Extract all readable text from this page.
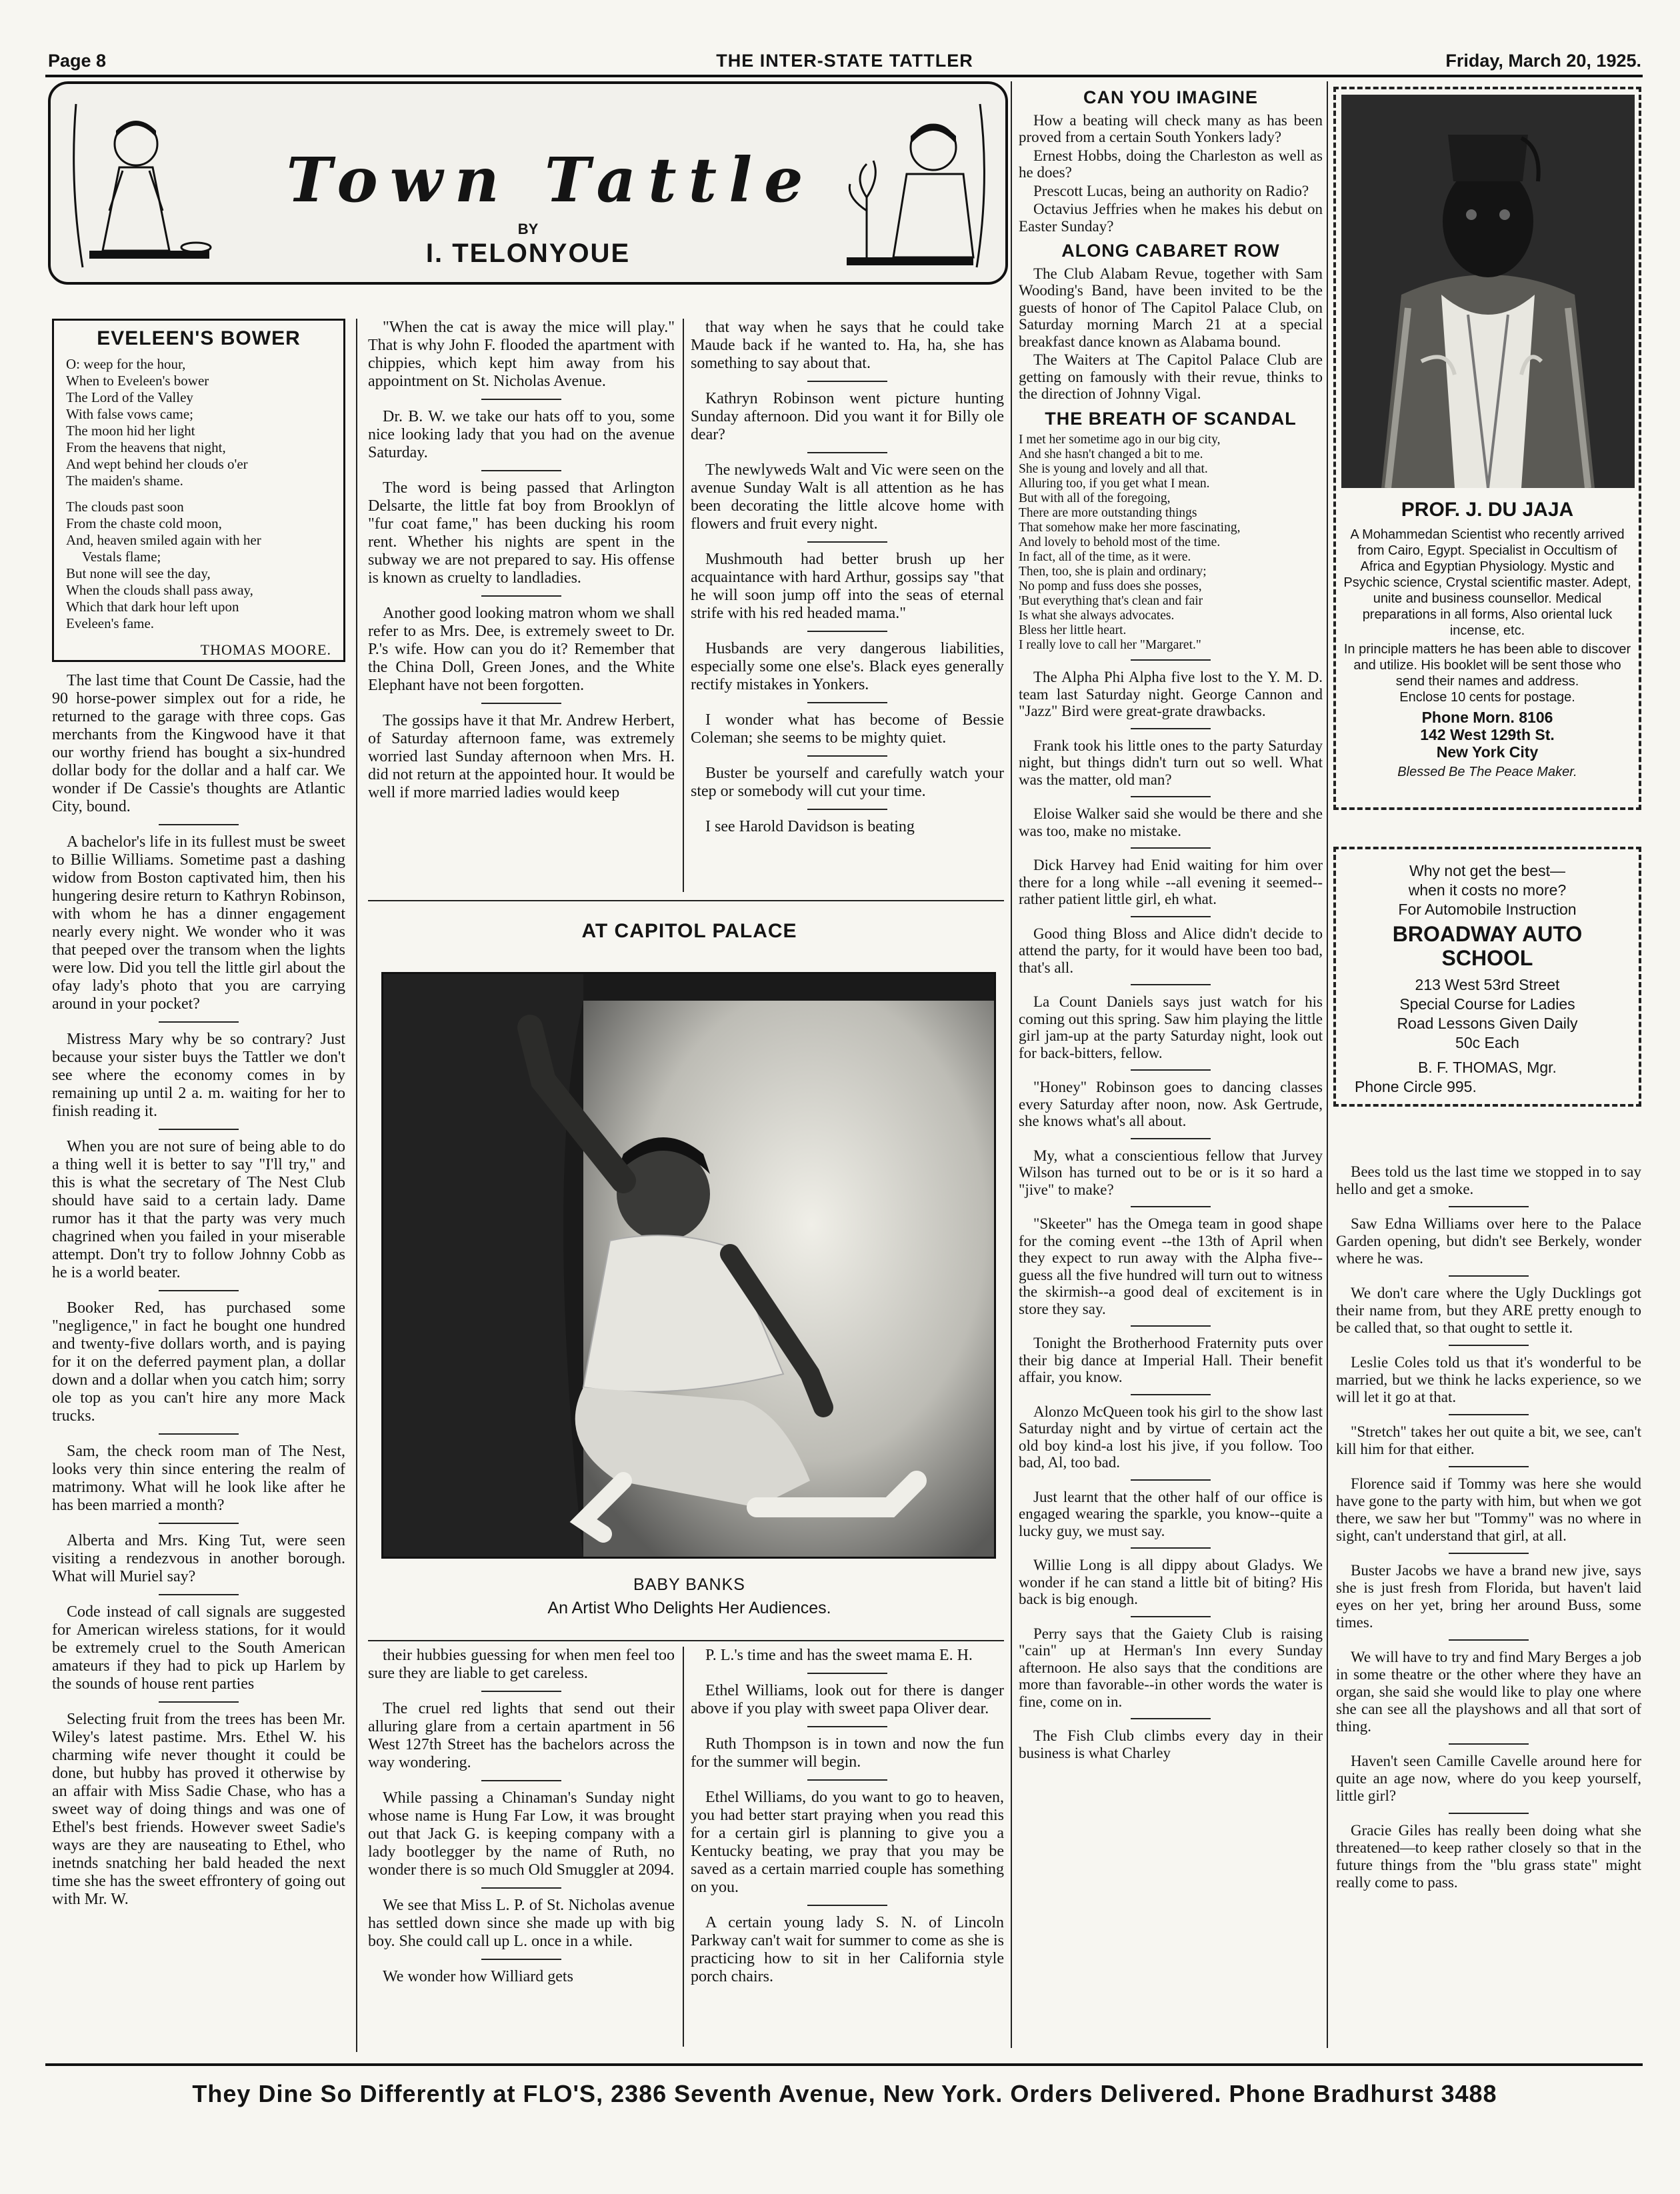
Page 8	THE INTER-STATE TATTLER	Friday, March 20, 1925.
Town Tattle
BY
I. TELONYOUE
EVELEEN'S BOWER
O: weep for the hour,
When to Eveleen's bower
The Lord of the Valley
With false vows came;
The moon hid her light
From the heavens that night,
And wept behind her clouds o'er
The maiden's shame.
The clouds past soon
From the chaste cold moon,
And, heaven smiled again with her
Vestals flame;
But none will see the day,
When the clouds shall pass away,
Which that dark hour left upon
Eveleen's fame.
THOMAS MOORE.

The last time that Count De Cassie, had the 90 horse-power simplex out for a ride, he returned to the garage with three cops. Gas merchants from the Kingwood have it that our worthy friend has bought a six-hundred dollar body for the dollar and a half car. We wonder if De Cassie's thoughts are Atlantic City, bound.

A bachelor's life in its fullest must be sweet to Billie Williams. Sometime past a dashing widow from Boston captivated him, then his hungering desire return to Kathryn Robinson, with whom he has a dinner engagement nearly every night. We wonder who it was that peeped over the transom when the lights were low. Did you tell the little girl about the ofay lady's photo that you are carrying around in your pocket?

Mistress Mary why be so contrary? Just because your sister buys the Tattler we don't see where the economy comes in by remaining up until 2 a. m. waiting for her to finish reading it.

When you are not sure of being able to do a thing well it is better to say "I'll try," and this is what the secretary of The Nest Club should have said to a certain lady. Dame rumor has it that the party was very much chagrined when you failed in your miserable attempt. Don't try to follow Johnny Cobb as he is a world beater.

Booker Red, has purchased some "negligence," in fact he bought one hundred and twenty-five dollars worth, and is paying for it on the deferred payment plan, a dollar down and a dollar when you catch him; sorry ole top as you can't hire any more Mack trucks.

Sam, the check room man of The Nest, looks very thin since entering the realm of matrimony. What will he look like after he has been married a month?

Alberta and Mrs. King Tut, were seen visiting a rendezvous in another borough. What will Muriel say?

Code instead of call signals are suggested for American wireless stations, for it would be extremely cruel to the South American amateurs if they had to pick up Harlem by the sounds of house rent parties

Selecting fruit from the trees has been Mr. Wiley's latest pastime. Mrs. Ethel W. his charming wife never thought it could be done, but hubby has proved it otherwise by an affair with Miss Sadie Chase, who has a sweet way of doing things and was one of Ethel's best friends. However sweet Sadie's ways are they are nauseating to Ethel, who inetnds snatching her bald headed the next time she has the sweet effrontery of going out with Mr. W.

"When the cat is away the mice will play." That is why John F. flooded the apartment with chippies, which kept him away from his appointment on St. Nicholas Avenue.

Dr. B. W. we take our hats off to you, some nice looking lady that you had on the avenue Saturday.

The word is being passed that Arlington Delsarte, the little fat boy from Brooklyn of "fur coat fame," has been ducking his room rent. Whether his nights are spent in the subway we are not prepared to say. His offense is known as cruelty to landladies.

Another good looking matron whom we shall refer to as Mrs. Dee, is extremely sweet to Dr. P.'s wife. How can you do it? Remember that the China Doll, Green Jones, and the White Elephant have not been forgotten.

The gossips have it that Mr. Andrew Herbert, of Saturday afternoon fame, was extremely worried last Sunday afternoon when Mrs. H. did not return at the appointed hour. It would be well if more married ladies would keep

that way when he says that he could take Maude back if he wanted to. Ha, ha, she has something to say about that.

Kathryn Robinson went picture hunting Sunday afternoon. Did you want it for Billy ole dear?

The newlyweds Walt and Vic were seen on the avenue Sunday Walt is all attention as he has been decorating the little alcove home with flowers and fruit every night.

Mushmouth had better brush up her acquaintance with hard Arthur, gossips say "that he will soon jump off into the seas of eternal strife with his red headed mama."

Husbands are very dangerous liabilities, especially some one else's. Black eyes generally rectify mistakes in Yonkers.

I wonder what has become of Bessie Coleman; she seems to be mighty quiet.

Buster be yourself and carefully watch your step or somebody will cut your time.

I see Harold Davidson is beating

AT CAPITOL PALACE
BABY BANKS
An Artist Who Delights Her Audiences.

their hubbies guessing for when men feel too sure they are liable to get careless.

The cruel red lights that send out their alluring glare from a certain apartment in 56 West 127th Street has the bachelors across the way wondering.

While passing a Chinaman's Sunday night whose name is Hung Far Low, it was brought out that Jack G. is keeping company with a lady bootlegger by the name of Ruth, no wonder there is so much Old Smuggler at 2094.

We see that Miss L. P. of St. Nicholas avenue has settled down since she made up with big boy. She could call up L. once in a while.

We wonder how Williard gets

P. L.'s time and has the sweet mama E. H.

Ethel Williams, look out for there is danger above if you play with sweet papa Oliver dear.

Ruth Thompson is in town and now the fun for the summer will begin.

Ethel Williams, do you want to go to heaven, you had better start praying when you read this for a certain girl is planning to give you a Kentucky beating, we pray that you may be saved as a certain married couple has something on you.

A certain young lady S. N. of Lincoln Parkway can't wait for summer to come as she is practicing how to sit in her California style porch chairs.

CAN YOU IMAGINE

How a beating will check many as has been proved from a certain South Yonkers lady?

Ernest Hobbs, doing the Charleston as well as he does?

Prescott Lucas, being an authority on Radio?

Octavius Jeffries when he makes his debut on Easter Sunday?

ALONG CABARET ROW

The Club Alabam Revue, together with Sam Wooding's Band, have been invited to be the guests of honor of The Capitol Palace Club, on Saturday morning March 21 at a special breakfast dance known as Alabama bound.

The Waiters at The Capitol Palace Club are getting on famously with their revue, thinks to the direction of Johnny Vigal.

THE BREATH OF SCANDAL
I met her sometime ago in our big city,
And she hasn't changed a bit to me.
She is young and lovely and all that.
Alluring too, if you get what I mean.
But with all of the foregoing,
There are more outstanding things
That somehow make her more fascinating,
And lovely to behold most of the time.
In fact, all of the time, as it were.
Then, too, she is plain and ordinary;
No pomp and fuss does she posses,
'But everything that's clean and fair
Is what she always advocates.
Bless her little heart.
I really love to call her "Margaret."

The Alpha Phi Alpha five lost to the Y. M. D. team last Saturday night. George Cannon and "Jazz" Bird were great-grate drawbacks.

Frank took his little ones to the party Saturday night, but things didn't turn out so well. What was the matter, old man?

Eloise Walker said she would be there and she was too, make no mistake.

Dick Harvey had Enid waiting for him over there for a long while --all evening it seemed--rather patient little girl, eh what.

Good thing Bloss and Alice didn't decide to attend the party, for it would have been too bad, that's all.

La Count Daniels says just watch for his coming out this spring. Saw him playing the little girl jam-up at the party Saturday night, look out for back-bitters, fellow.

"Honey" Robinson goes to dancing classes every Saturday after noon, now. Ask Gertrude, she knows what's all about.

My, what a conscientious fellow that Jurvey Wilson has turned out to be or is it so hard a "jive" to make?

"Skeeter" has the Omega team in good shape for the coming event --the 13th of April when they expect to run away with the Alpha five--guess all the five hundred will turn out to witness the skirmish--a good deal of excitement is in store they say.

Tonight the Brotherhood Fraternity puts over their big dance at Imperial Hall. Their benefit affair, you know.

Alonzo McQueen took his girl to the show last Saturday night and by virtue of certain act the old boy kind-a lost his jive, if you follow. Too bad, Al, too bad.

Just learnt that the other half of our office is engaged wearing the sparkle, you know--quite a lucky guy, we must say.

Willie Long is all dippy about Gladys. We wonder if he can stand a little bit of biting? His back is big enough.

Perry says that the Gaiety Club is raising "cain" up at Herman's Inn every Sunday afternoon. He also says that the conditions are more than favorable--in other words the water is fine, come on in.

The Fish Club climbs every day in their business is what Charley

PROF. J. DU JAJA
A Mohammedan Scientist who recently arrived from Cairo, Egypt. Specialist in Occultism of Africa and Egyptian Physiology. Mystic and Psychic science, Crystal scientific master. Adept, unite and business counsellor. Medical preparations in all forms, Also oriental luck incense, etc.
In principle matters he has been able to discover and utilize. His booklet will be sent those who send their names and address.
Enclose 10 cents for postage.
Phone Morn. 8106
142 West 129th St.
New York City
Blessed Be The Peace Maker.
Why not get the best—
when it costs no more?
For Automobile Instruction
BROADWAY AUTO SCHOOL
213 West 53rd Street
Special Course for Ladies
Road Lessons Given Daily
50c Each
B. F. THOMAS, Mgr.
Phone Circle 995.

Bees told us the last time we stopped in to say hello and get a smoke.

Saw Edna Williams over here to the Palace Garden opening, but didn't see Berkely, wonder where he was.

We don't care where the Ugly Ducklings got their name from, but they ARE pretty enough to be called that, so that ought to settle it.

Leslie Coles told us that it's wonderful to be married, but we think he lacks experience, so we will let it go at that.

"Stretch" takes her out quite a bit, we see, can't kill him for that either.

Florence said if Tommy was here she would have gone to the party with him, but when we got there, we saw her but "Tommy" was no where in sight, can't understand that girl, at all.

Buster Jacobs we have a brand new jive, says she is just fresh from Florida, but haven't laid eyes on her yet, bring her around Buss, some times.

We will have to try and find Mary Berges a job in some theatre or the other where they have an organ, she said she would like to play one where she can see all the playshows and all that sort of thing.

Haven't seen Camille Cavelle around here for quite an age now, where do you keep yourself, little girl?

Gracie Giles has really been doing what she threatened—to keep rather closely so that in the future things from the "blu grass state" might really come to pass.

They Dine So Differently at FLO'S, 2386 Seventh Avenue, New York. Orders Delivered. Phone Bradhurst 3488
